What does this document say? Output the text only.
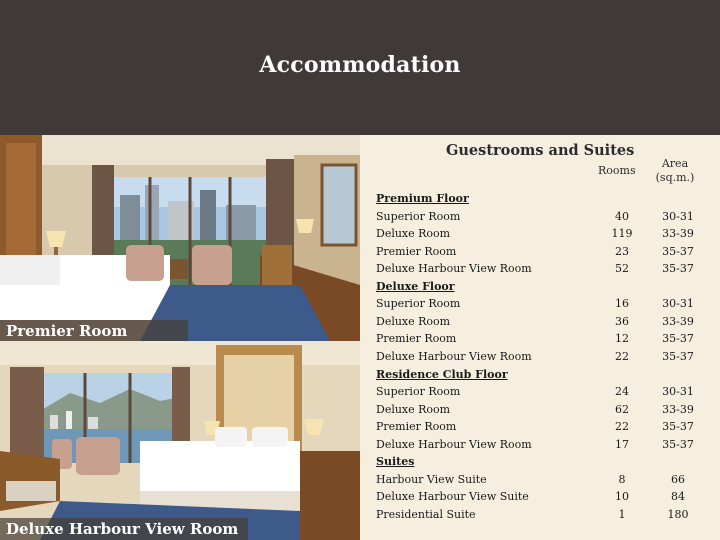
Accommodation
Premier Room
Deluxe Harbour View Room
Guestrooms and Suites
Rooms
Area
(sq.m.)
Premium Floor
Superior Room	40	30-31
Deluxe Room	119	33-39
Premier Room	23	35-37
Deluxe Harbour View Room	52	35-37
Deluxe Floor
Superior Room	16	30-31
Deluxe Room	36	33-39
Premier Room	12	35-37
Deluxe Harbour View Room	22	35-37
Residence Club Floor
Superior Room	24	30-31
Deluxe Room	62	33-39
Premier Room	22	35-37
Deluxe Harbour View Room	17	35-37
Suites
Harbour View Suite	8	66
Deluxe Harbour View Suite	10	84
Presidential Suite	1	180
